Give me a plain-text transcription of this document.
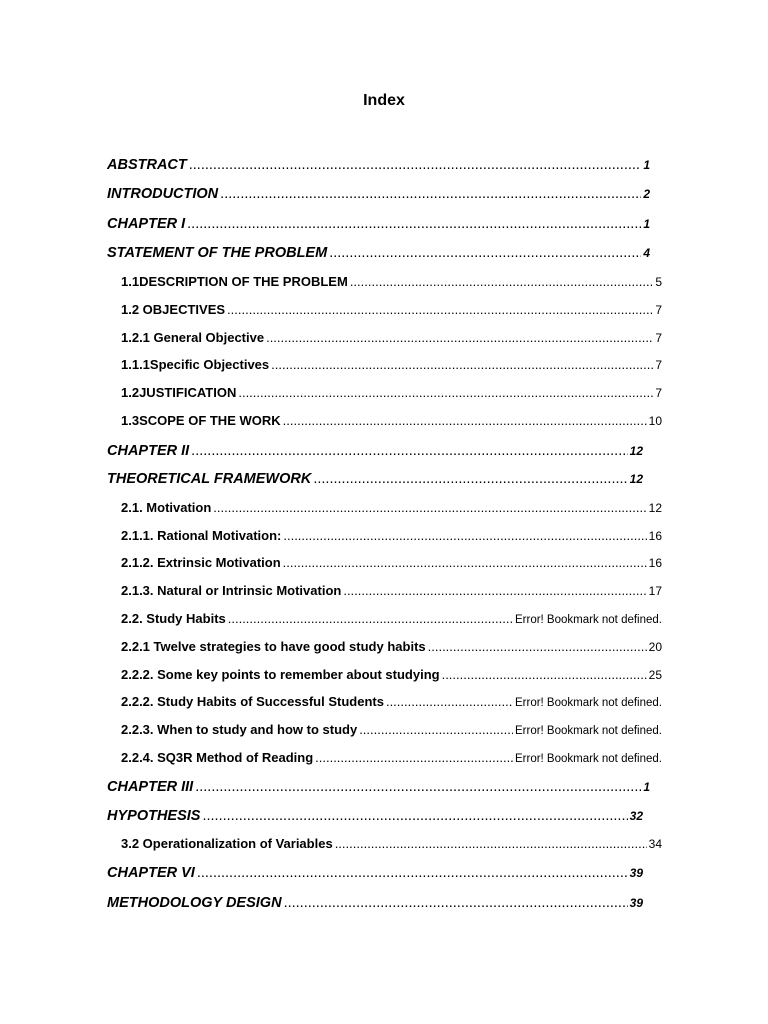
Index
ABSTRACT .....	1
INTRODUCTION .....	2
CHAPTER I .....	1
STATEMENT OF THE PROBLEM .....	4
1.1 DESCRIPTION OF THE PROBLEM .....	5
1.2 OBJECTIVES .....	7
1.2.1 General Objective .....	7
1.1.1 Specific Objectives .....	7
1.2 JUSTIFICATION .....	7
1.3 SCOPE OF THE WORK .....	10
CHAPTER II .....	12
THEORETICAL FRAMEWORK .....	12
2.1. Motivation .....	12
2.1.1. Rational Motivation: .....	16
2.1.2. Extrinsic Motivation .....	16
2.1.3. Natural or Intrinsic Motivation .....	17
2.2. Study Habits .....	Error! Bookmark not defined.
2.2.1 Twelve strategies to have good study habits .....	20
2.2.2. Some key points to remember about studying .....	25
2.2.2. Study Habits of Successful Students .....	Error! Bookmark not defined.
2.2.3. When to study and how to study .....	Error! Bookmark not defined.
2.2.4. SQ3R Method of Reading .....	Error! Bookmark not defined.
CHAPTER III .....	1
HYPOTHESIS .....	32
3.2 Operationalization of Variables .....	34
CHAPTER VI .....	39
METHODOLOGY DESIGN .....	39
